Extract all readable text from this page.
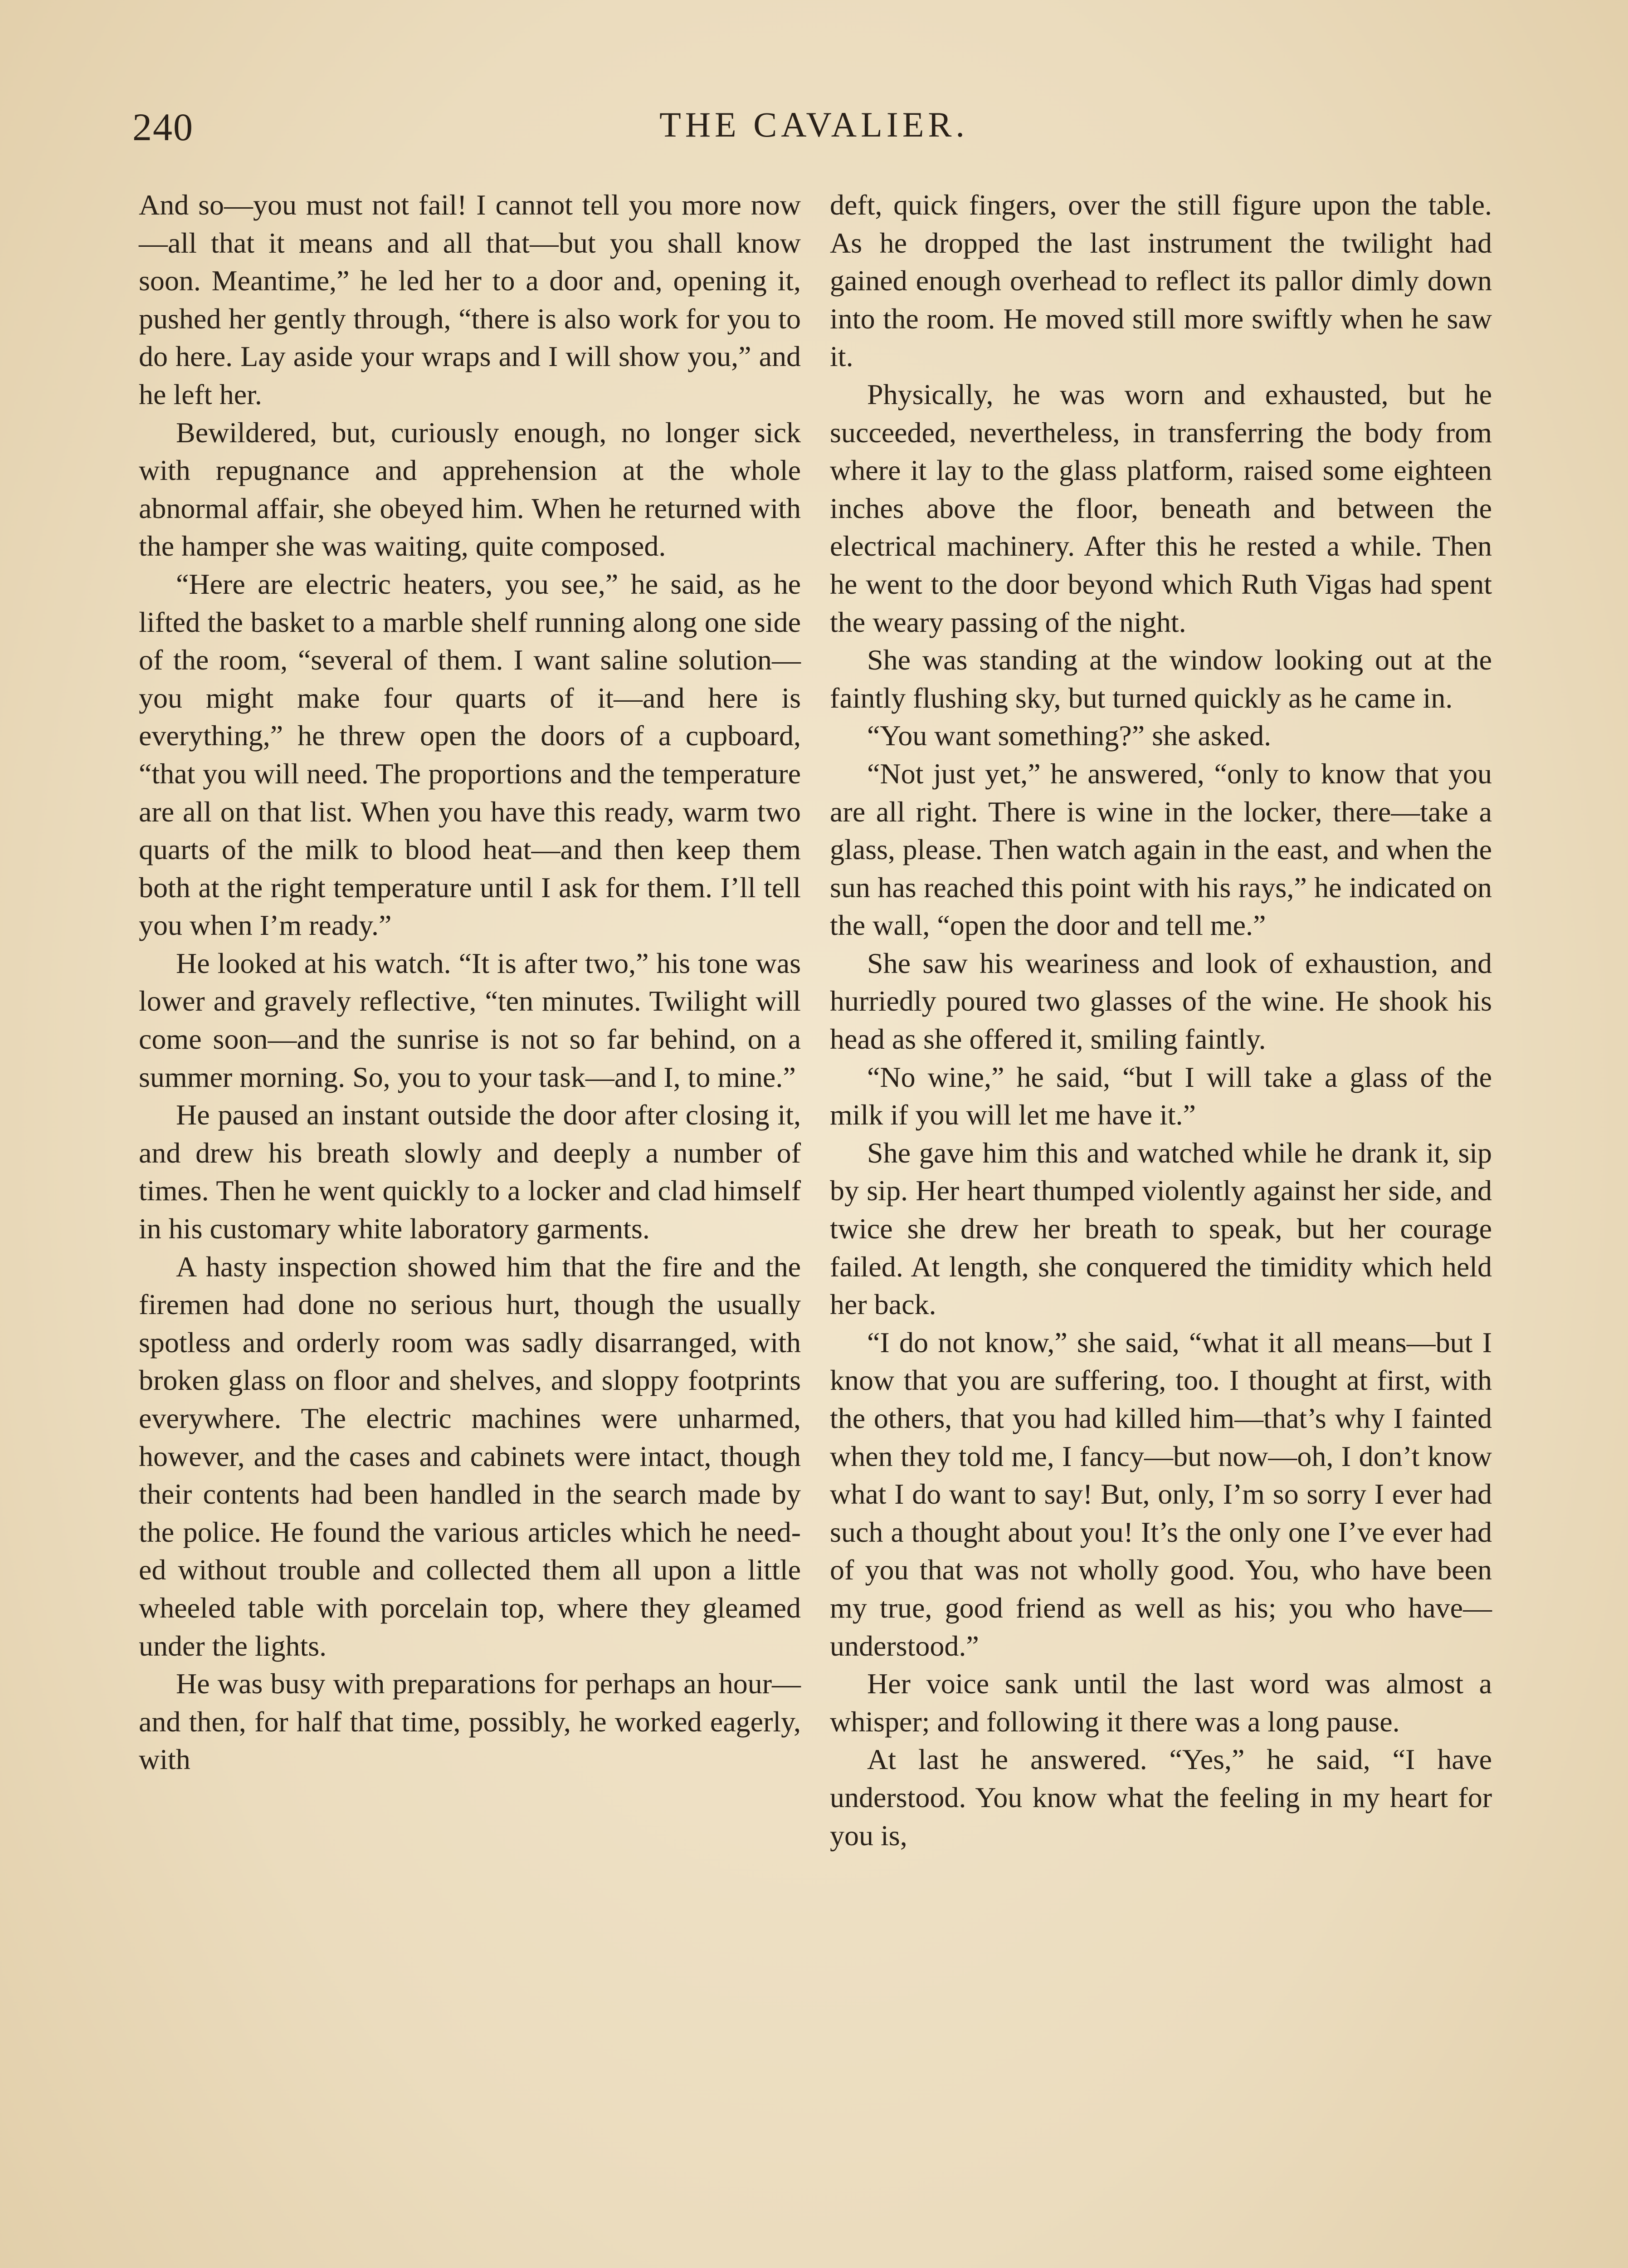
240	THE CAVALIER.

And so—you must not fail! I cannot tell you more now—all that it means and all that—but you shall know soon. Meantime,” he led her to a door and, opening it, pushed her gently through, “there is also work for you to do here. Lay aside your wraps and I will show you,” and he left her.

Bewildered, but, curiously enough, no longer sick with repugnance and apprehension at the whole abnormal affair, she obeyed him. When he returned with the hamper she was waiting, quite composed.

“Here are electric heaters, you see,” he said, as he lifted the basket to a marble shelf running along one side of the room, “several of them. I want saline solution—you might make four quarts of it—and here is everything,” he threw open the doors of a cupboard, “that you will need. The proportions and the temperature are all on that list. When you have this ready, warm two quarts of the milk to blood heat—and then keep them both at the right temperature until I ask for them. I’ll tell you when I’m ready.”

He looked at his watch. “It is after two,” his tone was lower and gravely reflective, “ten minutes. Twilight will come soon—and the sunrise is not so far behind, on a summer morning. So, you to your task—and I, to mine.”

He paused an instant outside the door after closing it, and drew his breath slowly and deeply a number of times. Then he went quickly to a locker and clad himself in his customary white laboratory garments.

A hasty inspection showed him that the fire and the firemen had done no serious hurt, though the usually spotless and orderly room was sadly disarranged, with broken glass on floor and shelves, and sloppy footprints everywhere. The electric machines were unharmed, however, and the cases and cabinets were intact, though their contents had been handled in the search made by the police. He found the various articles which he needed without trouble and collected them all upon a little wheeled table with porcelain top, where they gleamed under the lights.

He was busy with preparations for perhaps an hour—and then, for half that time, possibly, he worked eagerly, with

deft, quick fingers, over the still figure upon the table. As he dropped the last instrument the twilight had gained enough overhead to reflect its pallor dimly down into the room. He moved still more swiftly when he saw it.

Physically, he was worn and exhausted, but he succeeded, nevertheless, in transferring the body from where it lay to the glass platform, raised some eighteen inches above the floor, beneath and between the electrical machinery. After this he rested a while. Then he went to the door beyond which Ruth Vigas had spent the weary passing of the night.

She was standing at the window looking out at the faintly flushing sky, but turned quickly as he came in.

“You want something?” she asked.

“Not just yet,” he answered, “only to know that you are all right. There is wine in the locker, there—take a glass, please. Then watch again in the east, and when the sun has reached this point with his rays,” he indicated on the wall, “open the door and tell me.”

She saw his weariness and look of exhaustion, and hurriedly poured two glasses of the wine. He shook his head as she offered it, smiling faintly.

“No wine,” he said, “but I will take a glass of the milk if you will let me have it.”

She gave him this and watched while he drank it, sip by sip. Her heart thumped violently against her side, and twice she drew her breath to speak, but her courage failed. At length, she conquered the timidity which held her back.

“I do not know,” she said, “what it all means—but I know that you are suffering, too. I thought at first, with the others, that you had killed him—that’s why I fainted when they told me, I fancy—but now—oh, I don’t know what I do want to say! But, only, I’m so sorry I ever had such a thought about you! It’s the only one I’ve ever had of you that was not wholly good. You, who have been my true, good friend as well as his; you who have—understood.”

Her voice sank until the last word was almost a whisper; and following it there was a long pause.

At last he answered. “Yes,” he said, “I have understood. You know what the feeling in my heart for you is,
